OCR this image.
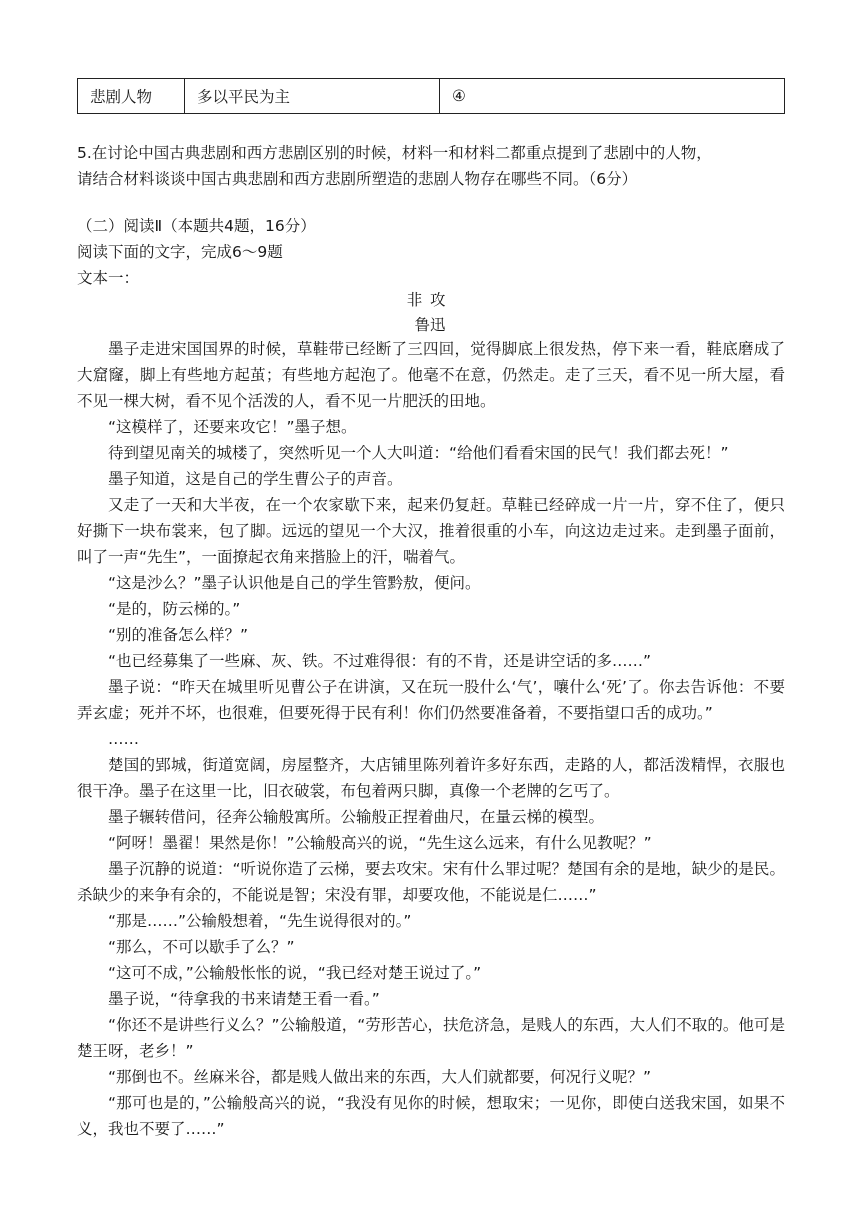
悲剧人物	多以平民为主	④
5.在讨论中国古典悲剧和西方悲剧区别的时候，材料一和材料二都重点提到了悲剧中的人物，
请结合材料谈谈中国古典悲剧和西方悲剧所塑造的悲剧人物存在哪些不同。（6分）
（二）阅读Ⅱ（本题共4题，16分）
阅读下面的文字，完成6～9题
文本一：
非攻
鲁迅

墨子走进宋国国界的时候，草鞋带已经断了三四回，觉得脚底上很发热，停下来一看，鞋底磨成了大窟窿，脚上有些地方起茧；有些地方起泡了。他毫不在意，仍然走。走了三天，看不见一所大屋，看不见一棵大树，看不见个活泼的人，看不见一片肥沃的田地。

“这模样了，还要来攻它！”墨子想。

待到望见南关的城楼了，突然听见一个人大叫道：“给他们看看宋国的民气！我们都去死！”

墨子知道，这是自己的学生曹公子的声音。

又走了一天和大半夜，在一个农家歇下来，起来仍复赶。草鞋已经碎成一片一片，穿不住了，便只好撕下一块布裳来，包了脚。远远的望见一个大汉，推着很重的小车，向这边走过来。走到墨子面前，叫了一声“先生”，一面撩起衣角来揩脸上的汗，喘着气。

“这是沙么？”墨子认识他是自己的学生管黔敖，便问。

“是的，防云梯的。”

“别的准备怎么样？”

“也已经募集了一些麻、灰、铁。不过难得很：有的不肯，还是讲空话的多……”

墨子说：“昨天在城里听见曹公子在讲演，又在玩一股什么‘气’，嚷什么‘死’了。你去告诉他：不要弄玄虚；死并不坏，也很难，但要死得于民有利！你们仍然要准备着，不要指望口舌的成功。”

……

楚国的郢城，街道宽阔，房屋整齐，大店铺里陈列着许多好东西，走路的人，都活泼精悍，衣服也很干净。墨子在这里一比，旧衣破裳，布包着两只脚，真像一个老牌的乞丐了。

墨子辗转借问，径奔公输般寓所。公输般正捏着曲尺，在量云梯的模型。

“阿呀！墨翟！果然是你！”公输般高兴的说，“先生这么远来，有什么见教呢？”

墨子沉静的说道：“听说你造了云梯，要去攻宋。宋有什么罪过呢？楚国有余的是地，缺少的是民。杀缺少的来争有余的，不能说是智；宋没有罪，却要攻他，不能说是仁……”

“那是……”公输般想着，“先生说得很对的。”

“那么，不可以歇手了么？”

“这可不成，”公输般怅怅的说，“我已经对楚王说过了。”

墨子说，“待拿我的书来请楚王看一看。”

“你还不是讲些行义么？”公输般道，“劳形苦心，扶危济急，是贱人的东西，大人们不取的。他可是楚王呀，老乡！”

“那倒也不。丝麻米谷，都是贱人做出来的东西，大人们就都要，何况行义呢？”

“那可也是的，”公输般高兴的说，“我没有见你的时候，想取宋；一见你，即使白送我宋国，如果不义，我也不要了……”
